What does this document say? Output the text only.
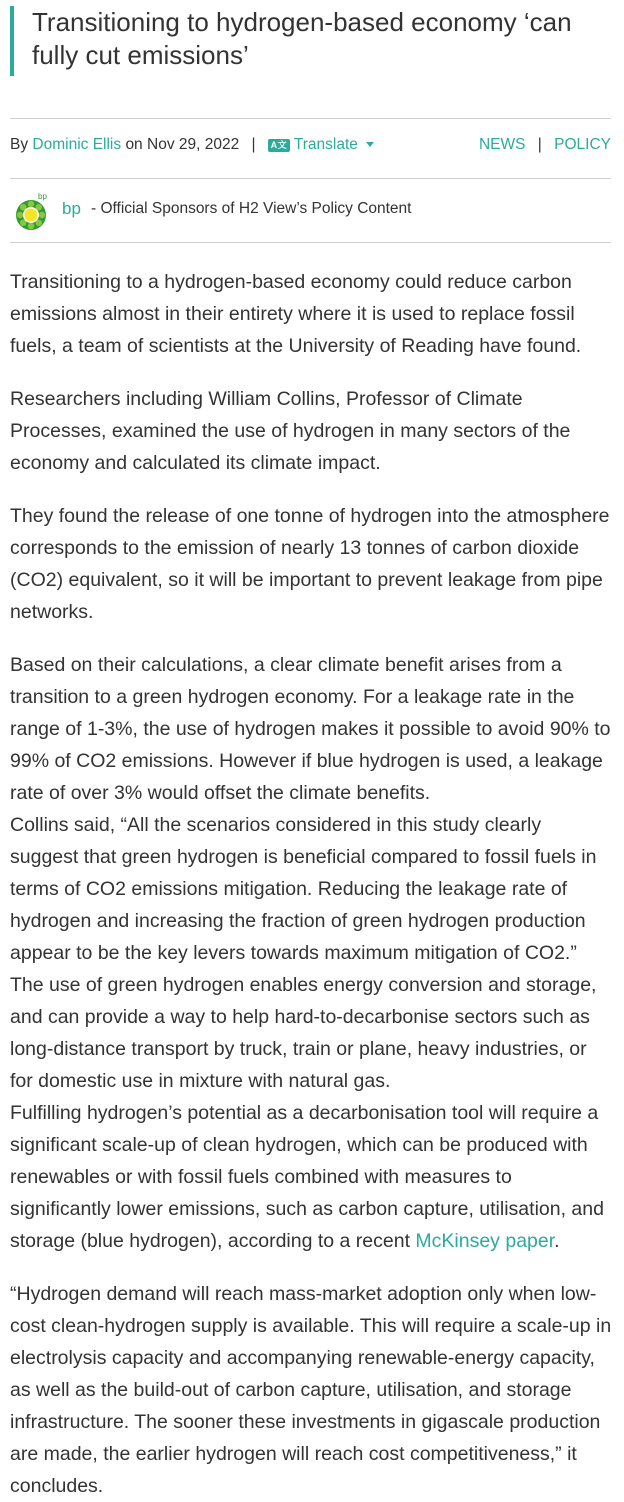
Transitioning to hydrogen-based economy ‘can fully cut emissions’
By Dominic Ellis on Nov 29, 2022 | A文 Translate	NEWS | POLICY
bp
bp - Official Sponsors of H2 View’s Policy Content

Transitioning to a hydrogen-based economy could reduce carbon emissions almost in their entirety where it is used to replace fossil fuels, a team of scientists at the University of Reading have found.

Researchers including William Collins, Professor of Climate Processes, examined the use of hydrogen in many sectors of the economy and calculated its climate impact.

They found the release of one tonne of hydrogen into the atmosphere corresponds to the emission of nearly 13 tonnes of carbon dioxide (CO2) equivalent, so it will be important to prevent leakage from pipe networks.

Based on their calculations, a clear climate benefit arises from a transition to a green hydrogen economy. For a leakage rate in the range of 1-3%, the use of hydrogen makes it possible to avoid 90% to 99% of CO2 emissions. However if blue hydrogen is used, a leakage rate of over 3% would offset the climate benefits.

Collins said, “All the scenarios considered in this study clearly suggest that green hydrogen is beneficial compared to fossil fuels in terms of CO2 emissions mitigation. Reducing the leakage rate of hydrogen and increasing the fraction of green hydrogen production appear to be the key levers towards maximum mitigation of CO2.”

The use of green hydrogen enables energy conversion and storage, and can provide a way to help hard-to-decarbonise sectors such as long-distance transport by truck, train or plane, heavy industries, or for domestic use in mixture with natural gas.

Fulfilling hydrogen’s potential as a decarbonisation tool will require a significant scale-up of clean hydrogen, which can be produced with renewables or with fossil fuels combined with measures to significantly lower emissions, such as carbon capture, utilisation, and storage (blue hydrogen), according to a recent McKinsey paper.

“Hydrogen demand will reach mass-market adoption only when low-cost clean-hydrogen supply is available. This will require a scale-up in electrolysis capacity and accompanying renewable-energy capacity, as well as the build-out of carbon capture, utilisation, and storage infrastructure. The sooner these investments in gigascale production are made, the earlier hydrogen will reach cost competitiveness,” it concludes.
